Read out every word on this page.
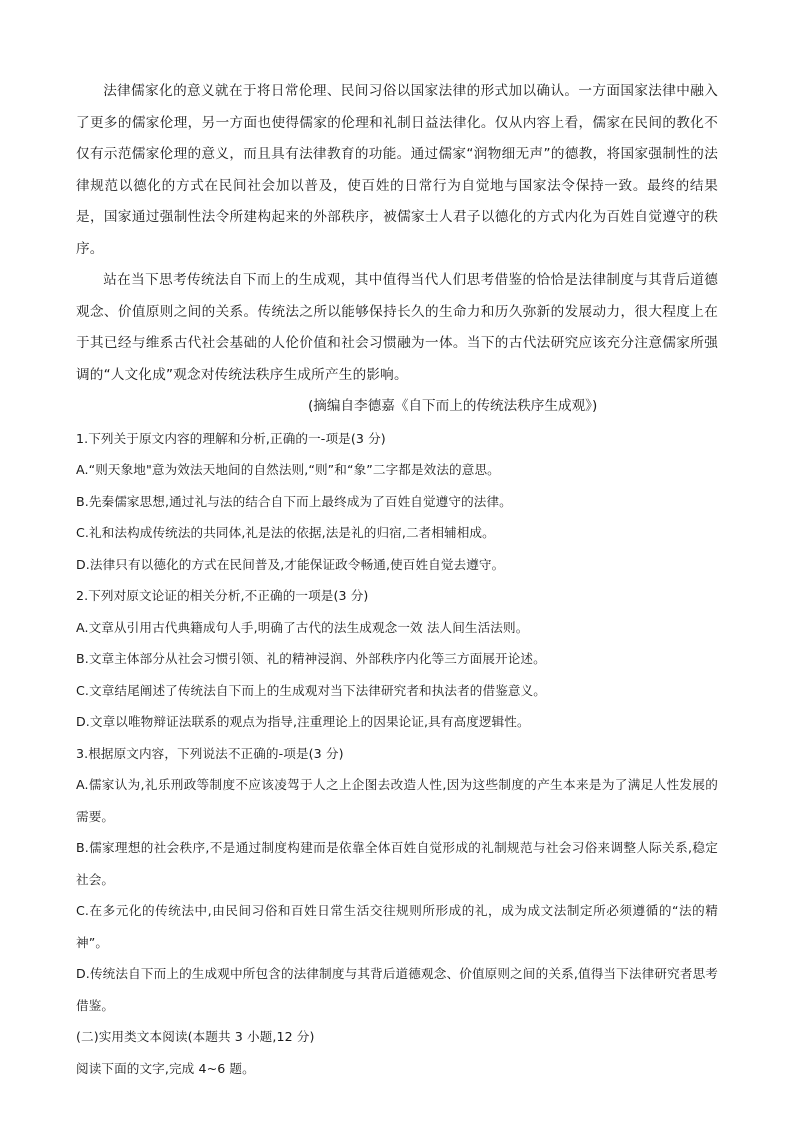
法律儒家化的意义就在于将日常伦理、民间习俗以国家法律的形式加以确认。一方面国家法律中融入了更多的儒家伦理，另一方面也使得儒家的伦理和礼制日益法律化。仅从内容上看，儒家在民间的教化不仅有示范儒家伦理的意义，而且具有法律教育的功能。通过儒家“润物细无声”的德教，将国家强制性的法律规范以德化的方式在民间社会加以普及，使百姓的日常行为自觉地与国家法令保持一致。最终的结果是，国家通过强制性法令所建构起来的外部秩序，被儒家士人君子以德化的方式内化为百姓自觉遵守的秩序。

站在当下思考传统法自下而上的生成观，其中值得当代人们思考借鉴的恰恰是法律制度与其背后道德观念、价值原则之间的关系。传统法之所以能够保持长久的生命力和历久弥新的发展动力，很大程度上在于其已经与维系古代社会基础的人伦价值和社会习惯融为一体。当下的古代法研究应该充分注意儒家所强调的“人文化成”观念对传统法秩序生成所产生的影响。

(摘编自李德嘉《自下而上的传统法秩序生成观》)

1.下列关于原文内容的理解和分析,正确的一-项是(3 分)

A.“则天象地"意为效法天地间的自然法则,“则”和“象”二字都是效法的意思。

B.先秦儒家思想,通过礼与法的结合自下而上最终成为了百姓自觉遵守的法律。

C.礼和法构成传统法的共同体,礼是法的依据,法是礼的归宿,二者相辅相成。

D.法律只有以德化的方式在民间普及,才能保证政令畅通,使百姓自觉去遵守。

2.下列对原文论证的相关分析,不正确的一项是(3 分)

A.文章从引用古代典籍成句人手,明确了古代的法生成观念一效 法人间生活法则。

B.文章主体部分从社会习惯引领、礼的精神浸润、外部秩序内化等三方面展开论述。

C.文章结尾阐述了传统法自下而上的生成观对当下法律研究者和执法者的借鉴意义。

D.文章以唯物辩证法联系的观点为指导,注重理论上的因果论证,具有高度逻辑性。

3.根据原文内容，下列说法不正确的-项是(3 分)

A.儒家认为,礼乐刑政等制度不应该凌驾于人之上企图去改造人性,因为这些制度的产生本来是为了满足人性发展的需要。

B.儒家理想的社会秩序,不是通过制度构建而是依靠全体百姓自觉形成的礼制规范与社会习俗来调整人际关系,稳定社会。

C.在多元化的传统法中,由民间习俗和百姓日常生活交往规则所形成的礼，成为成文法制定所必须遵循的“法的精神”。

D.传统法自下而上的生成观中所包含的法律制度与其背后道德观念、价值原则之间的关系,值得当下法律研究者思考借鉴。

(二)实用类文本阅读(本题共 3 小题,12 分)

阅读下面的文字,完成 4~6 题。
